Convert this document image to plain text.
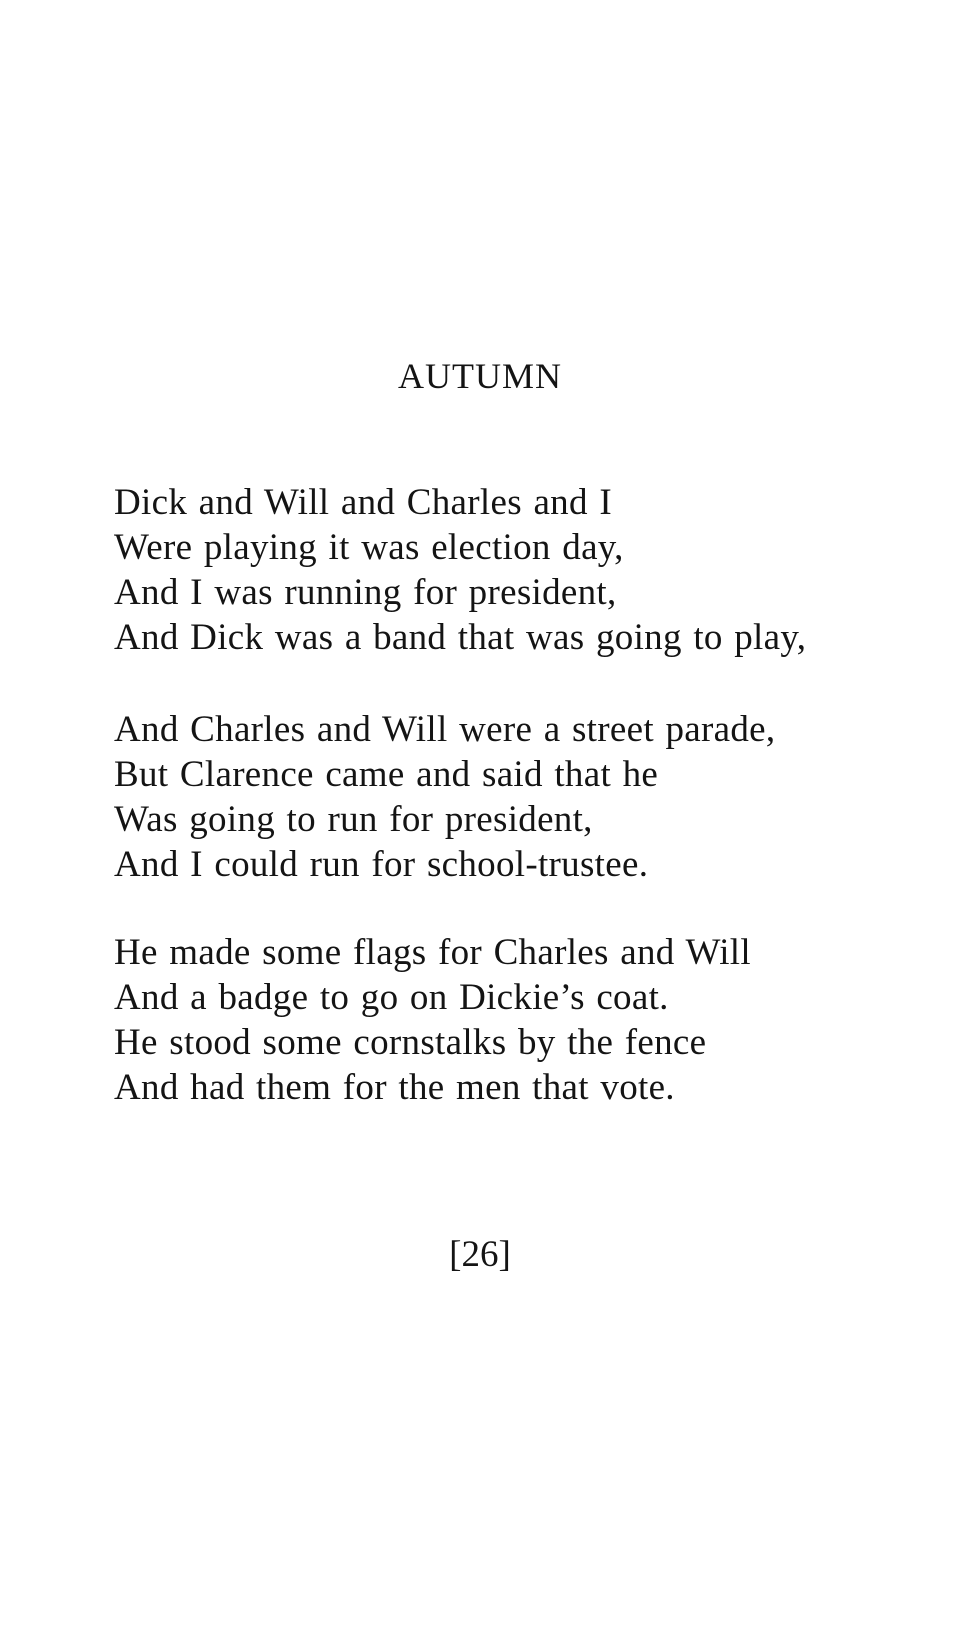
AUTUMN
Dick and Will and Charles and I
Were playing it was election day,
And I was running for president,
And Dick was a band that was going to play,
And Charles and Will were a street parade,
But Clarence came and said that he
Was going to run for president,
And I could run for school-trustee.
He made some flags for Charles and Will
And a badge to go on Dickie’s coat.
He stood some cornstalks by the fence
And had them for the men that vote.
[26]
